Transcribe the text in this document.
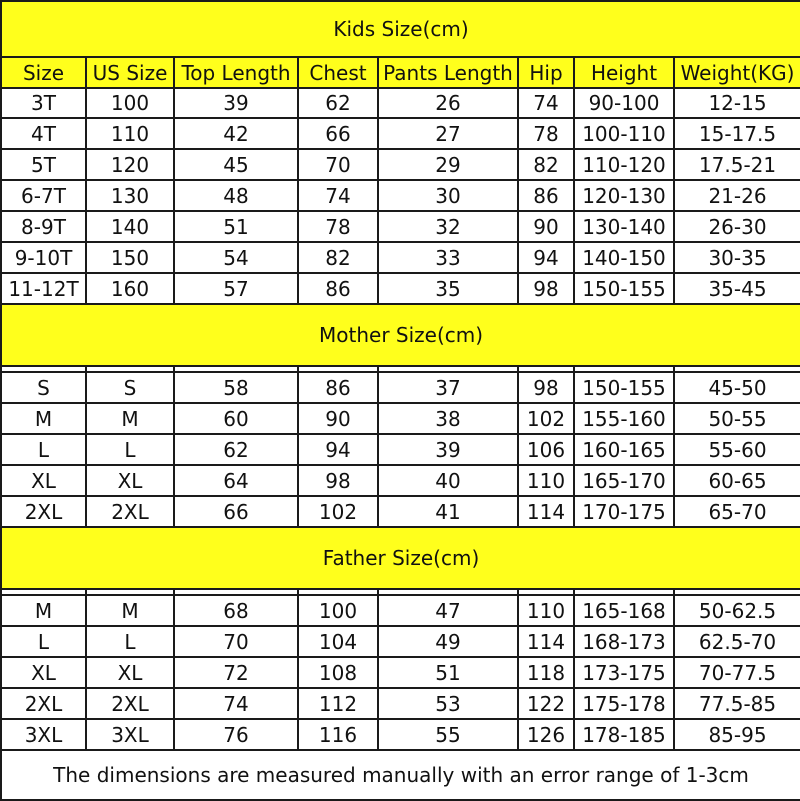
Kids Size(cm)							
Size	US Size	Top Length	Chest	Pants Length	Hip	Height	Weight(KG)
3T	100	39	62	26	74	90-100	12-15
4T	110	42	66	27	78	100-110	15-17.5
5T	120	45	70	29	82	110-120	17.5-21
6-7T	130	48	74	30	86	120-130	21-26
8-9T	140	51	78	32	90	130-140	26-30
9-10T	150	54	82	33	94	140-150	30-35
11-12T	160	57	86	35	98	150-155	35-45
Mother Size(cm)							

S	S	58	86	37	98	150-155	45-50
M	M	60	90	38	102	155-160	50-55
L	L	62	94	39	106	160-165	55-60
XL	XL	64	98	40	110	165-170	60-65
2XL	2XL	66	102	41	114	170-175	65-70
Father Size(cm)							

M	M	68	100	47	110	165-168	50-62.5
L	L	70	104	49	114	168-173	62.5-70
XL	XL	72	108	51	118	173-175	70-77.5
2XL	2XL	74	112	53	122	175-178	77.5-85
3XL	3XL	76	116	55	126	178-185	85-95
The dimensions are measured manually with an error range of 1-3cm							
